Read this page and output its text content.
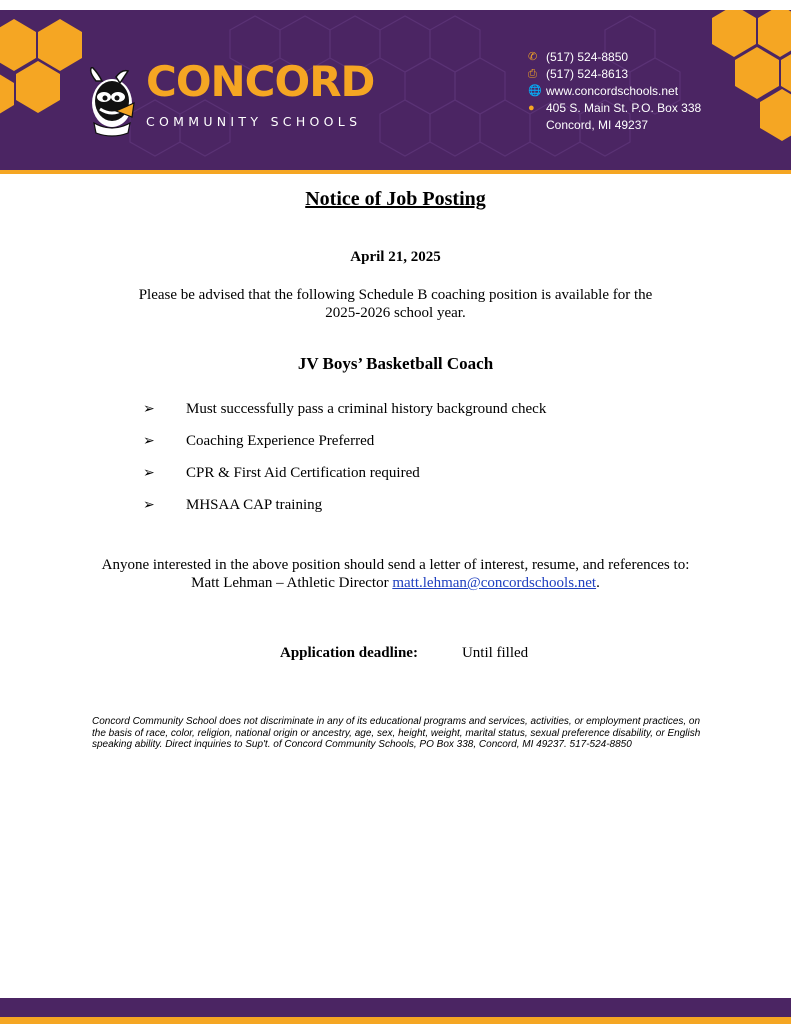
CONCORD
COMMUNITY SCHOOLS
✆ (517) 524-8850
⎙ (517) 524-8613
🌐 www.concordschools.net
● 405 S. Main St. P.O. Box 338
Concord, MI 49237
Notice of Job Posting
April 21, 2025
Please be advised that the following Schedule B coaching position is available for the 2025-2026 school year.
JV Boys’ Basketball Coach
➢	Must successfully pass a criminal history background check
➢	Coaching Experience Preferred
➢	CPR & First Aid Certification required
➢	MHSAA CAP training
Anyone interested in the above position should send a letter of interest, resume, and references to:
Matt Lehman – Athletic Director matt.lehman@concordschools.net.
Application deadline:	Until filled
Concord Community School does not discriminate in any of its educational programs and services, activities, or employment practices, on the basis of race, color, religion, national origin or ancestry, age, sex, height, weight, marital status, sexual preference disability, or English speaking ability. Direct inquiries to Sup't. of Concord Community Schools, PO Box 338, Concord, MI 49237. 517-524-8850
